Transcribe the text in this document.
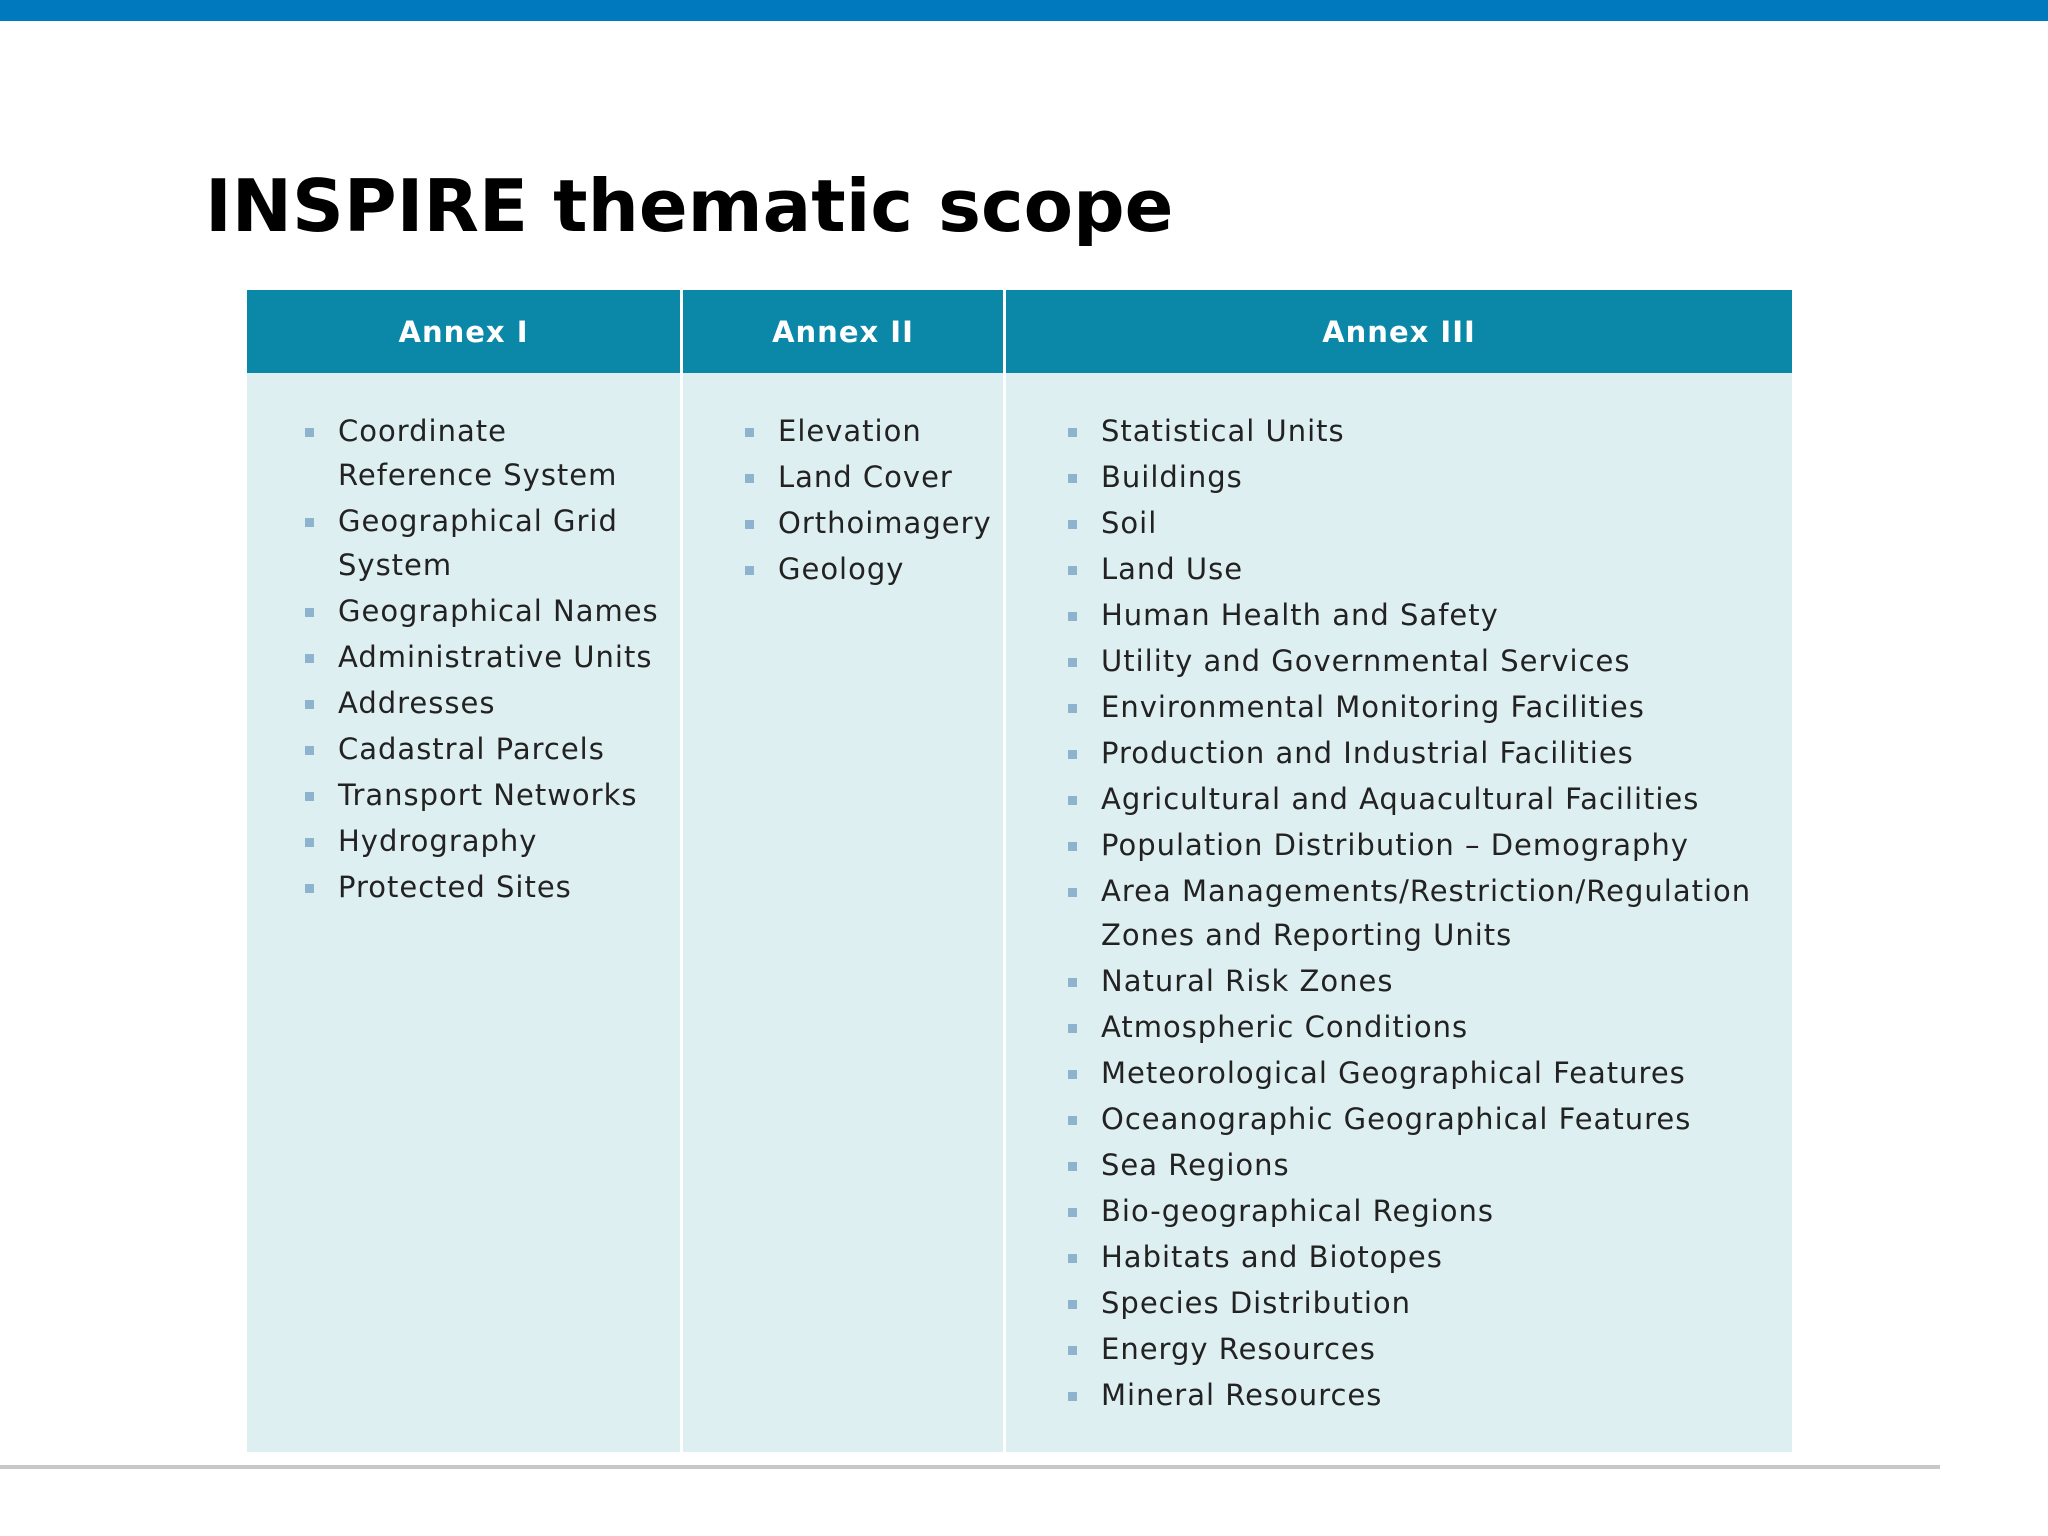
INSPIRE thematic scope
Annex I
Coordinate Reference System
Geographical Grid System
Geographical Names
Administrative Units
Addresses
Cadastral Parcels
Transport Networks
Hydrography
Protected Sites
Annex II
Elevation
Land Cover
Orthoimagery
Geology
Annex III
Statistical Units
Buildings
Soil
Land Use
Human Health and Safety
Utility and Governmental Services
Environmental Monitoring Facilities
Production and Industrial Facilities
Agricultural and Aquacultural Facilities
Population Distribution – Demography
Area Managements/Restriction/Regulation Zones and Reporting Units
Natural Risk Zones
Atmospheric Conditions
Meteorological Geographical Features
Oceanographic Geographical Features
Sea Regions
Bio-geographical Regions
Habitats and Biotopes
Species Distribution
Energy Resources
Mineral Resources
